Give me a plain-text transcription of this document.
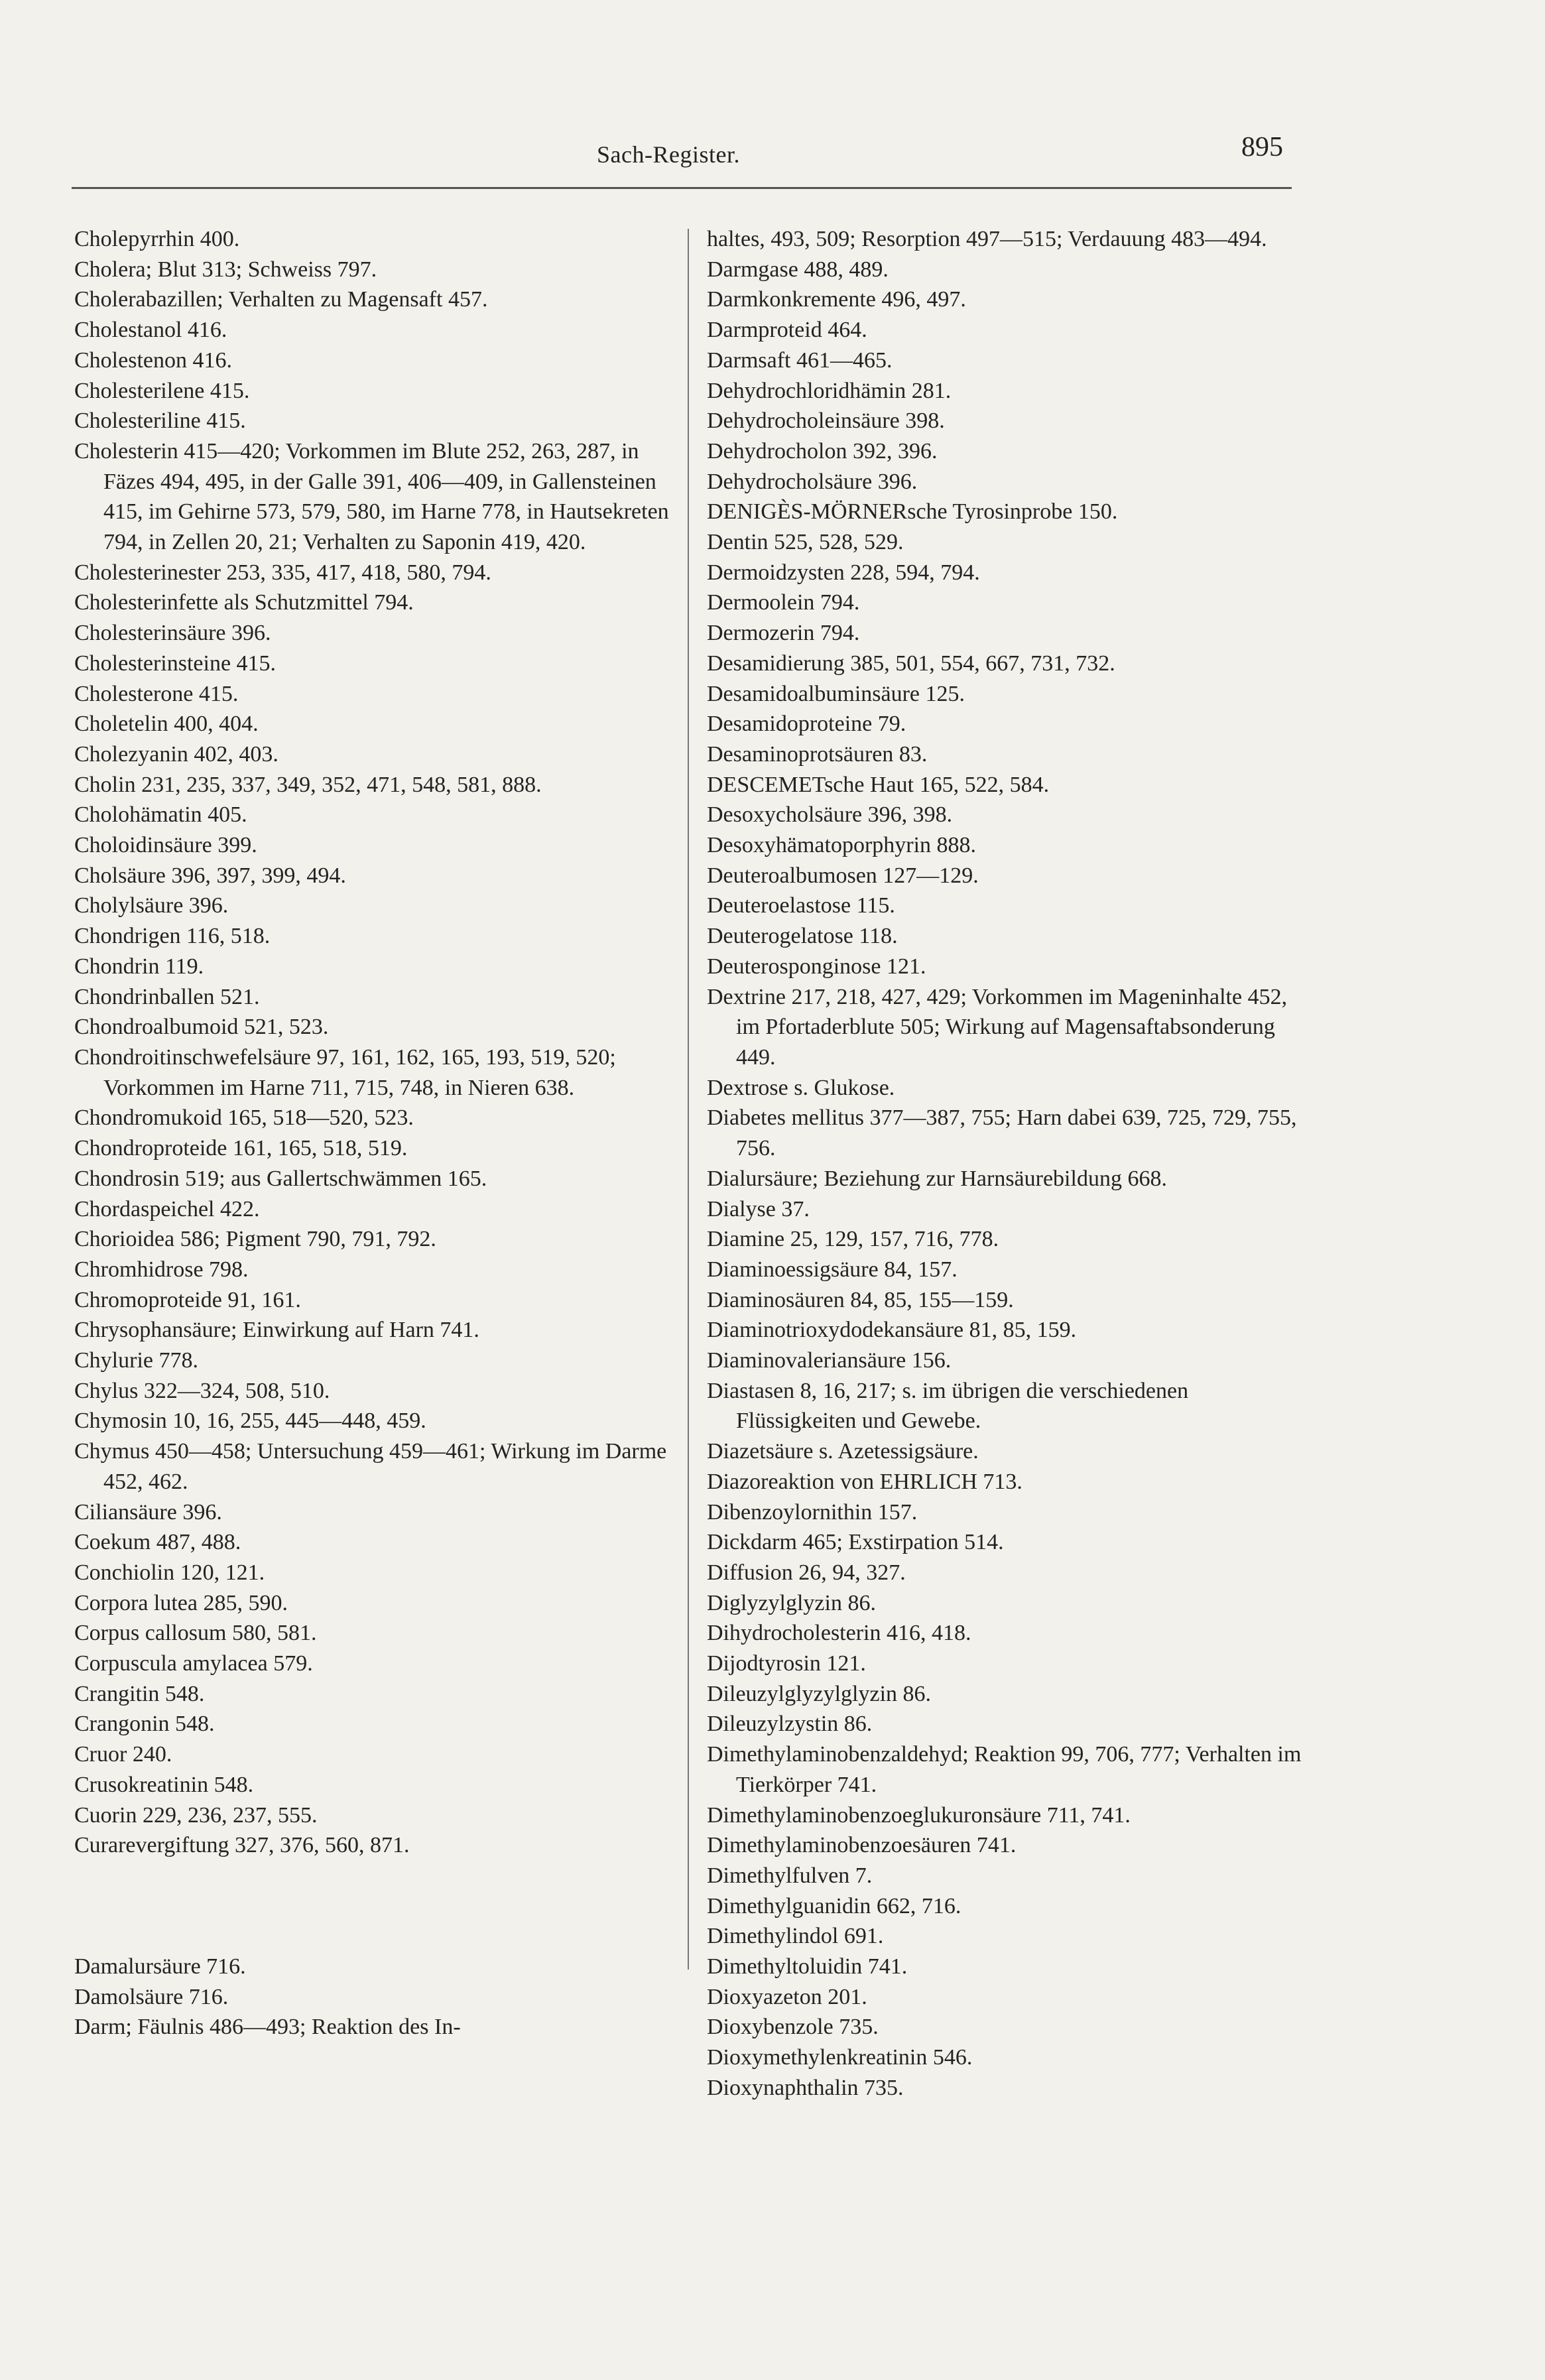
Sach-Register.	895

Cholepyrrhin 400.

Cholera; Blut 313; Schweiss 797.

Cholerabazillen; Verhalten zu Magensaft 457.

Cholestanol 416.

Cholestenon 416.

Cholesterilene 415.

Cholesteriline 415.

Cholesterin 415—420; Vorkommen im Blute 252, 263, 287, in Fäzes 494, 495, in der Galle 391, 406—409, in Gallensteinen 415, im Gehirne 573, 579, 580, im Harne 778, in Hautsekreten 794, in Zellen 20, 21; Verhalten zu Saponin 419, 420.

Cholesterinester 253, 335, 417, 418, 580, 794.

Cholesterinfette als Schutzmittel 794.

Cholesterinsäure 396.

Cholesterinsteine 415.

Cholesterone 415.

Choletelin 400, 404.

Cholezyanin 402, 403.

Cholin 231, 235, 337, 349, 352, 471, 548, 581, 888.

Cholohämatin 405.

Choloidinsäure 399.

Cholsäure 396, 397, 399, 494.

Cholylsäure 396.

Chondrigen 116, 518.

Chondrin 119.

Chondrinballen 521.

Chondroalbumoid 521, 523.

Chondroitinschwefelsäure 97, 161, 162, 165, 193, 519, 520; Vorkommen im Harne 711, 715, 748, in Nieren 638.

Chondromukoid 165, 518—520, 523.

Chondroproteide 161, 165, 518, 519.

Chondrosin 519; aus Gallertschwämmen 165.

Chordaspeichel 422.

Chorioidea 586; Pigment 790, 791, 792.

Chromhidrose 798.

Chromoproteide 91, 161.

Chrysophansäure; Einwirkung auf Harn 741.

Chylurie 778.

Chylus 322—324, 508, 510.

Chymosin 10, 16, 255, 445—448, 459.

Chymus 450—458; Untersuchung 459—461; Wirkung im Darme 452, 462.

Ciliansäure 396.

Coekum 487, 488.

Conchiolin 120, 121.

Corpora lutea 285, 590.

Corpus callosum 580, 581.

Corpuscula amylacea 579.

Crangitin 548.

Crangonin 548.

Cruor 240.

Crusokreatinin 548.

Cuorin 229, 236, 237, 555.

Curarevergiftung 327, 376, 560, 871.

Damalursäure 716.

Damolsäure 716.

Darm; Fäulnis 486—493; Reaktion des In-

haltes, 493, 509; Resorption 497—515; Verdauung 483—494.

Darmgase 488, 489.

Darmkonkremente 496, 497.

Darmproteid 464.

Darmsaft 461—465.

Dehydrochloridhämin 281.

Dehydrocholeinsäure 398.

Dehydrocholon 392, 396.

Dehydrocholsäure 396.

DENIGÈS-MÖRNERsche Tyrosinprobe 150.

Dentin 525, 528, 529.

Dermoidzysten 228, 594, 794.

Dermoolein 794.

Dermozerin 794.

Desamidierung 385, 501, 554, 667, 731, 732.

Desamidoalbuminsäure 125.

Desamidoproteine 79.

Desaminoprotsäuren 83.

DESCEMETsche Haut 165, 522, 584.

Desoxycholsäure 396, 398.

Desoxyhämatoporphyrin 888.

Deuteroalbumosen 127—129.

Deuteroelastose 115.

Deuterogelatose 118.

Deuterosponginose 121.

Dextrine 217, 218, 427, 429; Vorkommen im Mageninhalte 452, im Pfortaderblute 505; Wirkung auf Magensaftabsonderung 449.

Dextrose s. Glukose.

Diabetes mellitus 377—387, 755; Harn dabei 639, 725, 729, 755, 756.

Dialursäure; Beziehung zur Harnsäurebildung 668.

Dialyse 37.

Diamine 25, 129, 157, 716, 778.

Diaminoessigsäure 84, 157.

Diaminosäuren 84, 85, 155—159.

Diaminotrioxydodekansäure 81, 85, 159.

Diaminovaleriansäure 156.

Diastasen 8, 16, 217; s. im übrigen die verschiedenen Flüssigkeiten und Gewebe.

Diazetsäure s. Azetessigsäure.

Diazoreaktion von EHRLICH 713.

Dibenzoylornithin 157.

Dickdarm 465; Exstirpation 514.

Diffusion 26, 94, 327.

Diglyzylglyzin 86.

Dihydrocholesterin 416, 418.

Dijodtyrosin 121.

Dileuzylglyzylglyzin 86.

Dileuzylzystin 86.

Dimethylaminobenzaldehyd; Reaktion 99, 706, 777; Verhalten im Tierkörper 741.

Dimethylaminobenzoeglukuronsäure 711, 741.

Dimethylaminobenzoesäuren 741.

Dimethylfulven 7.

Dimethylguanidin 662, 716.

Dimethylindol 691.

Dimethyltoluidin 741.

Dioxyazeton 201.

Dioxybenzole 735.

Dioxymethylenkreatinin 546.

Dioxynaphthalin 735.
